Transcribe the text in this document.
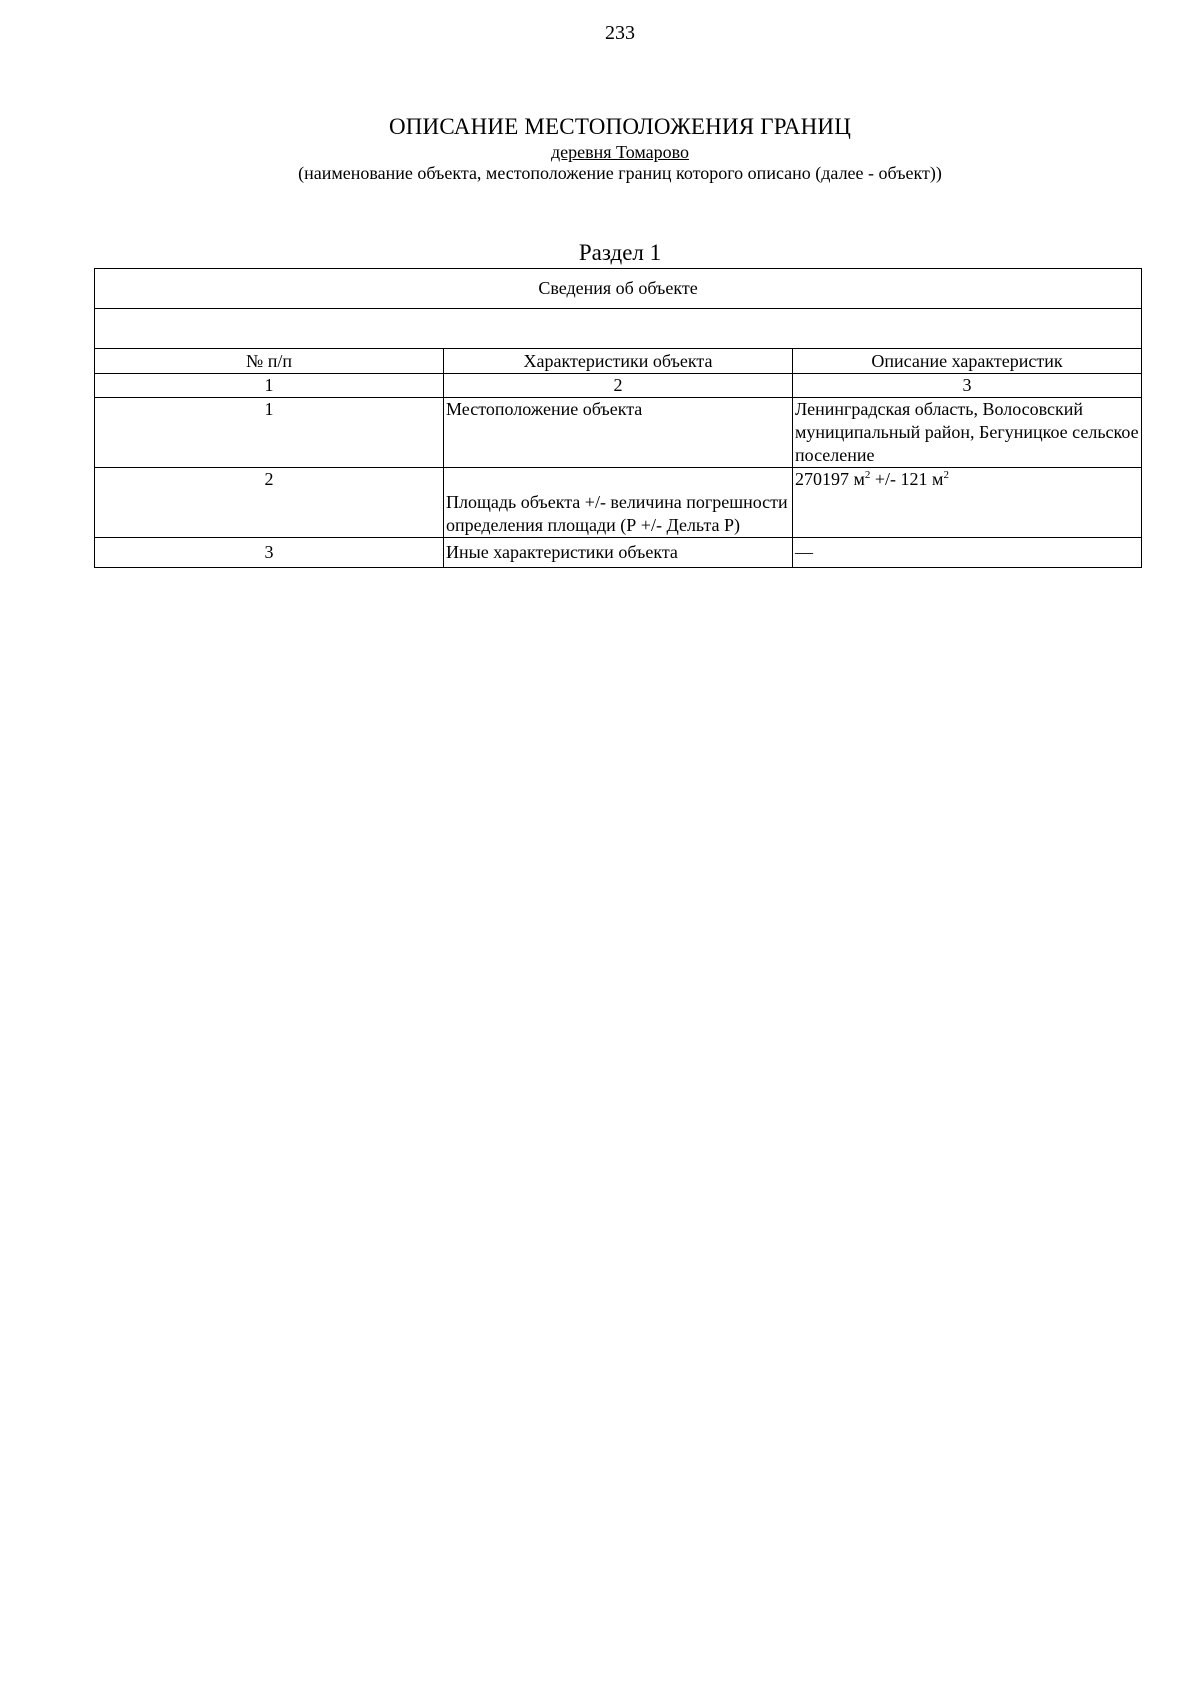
233
ОПИСАНИЕ МЕСТОПОЛОЖЕНИЯ ГРАНИЦ
деревня Томарово
(наименование объекта, местоположение границ которого описано (далее - объект))
Раздел 1
Сведения об объекте		

№ п/п	Характеристики объекта	Описание характеристик
1	2	3
1	Местоположение объекта	Ленинградская область, Волосовский муниципальный район, Бегуницкое сельское поселение
2	Площадь объекта +/- величина погрешности определения площади (Р +/- Дельта Р)	270197 $м^2$ +/- 121 $м^2$
3	Иные характеристики объекта	—
